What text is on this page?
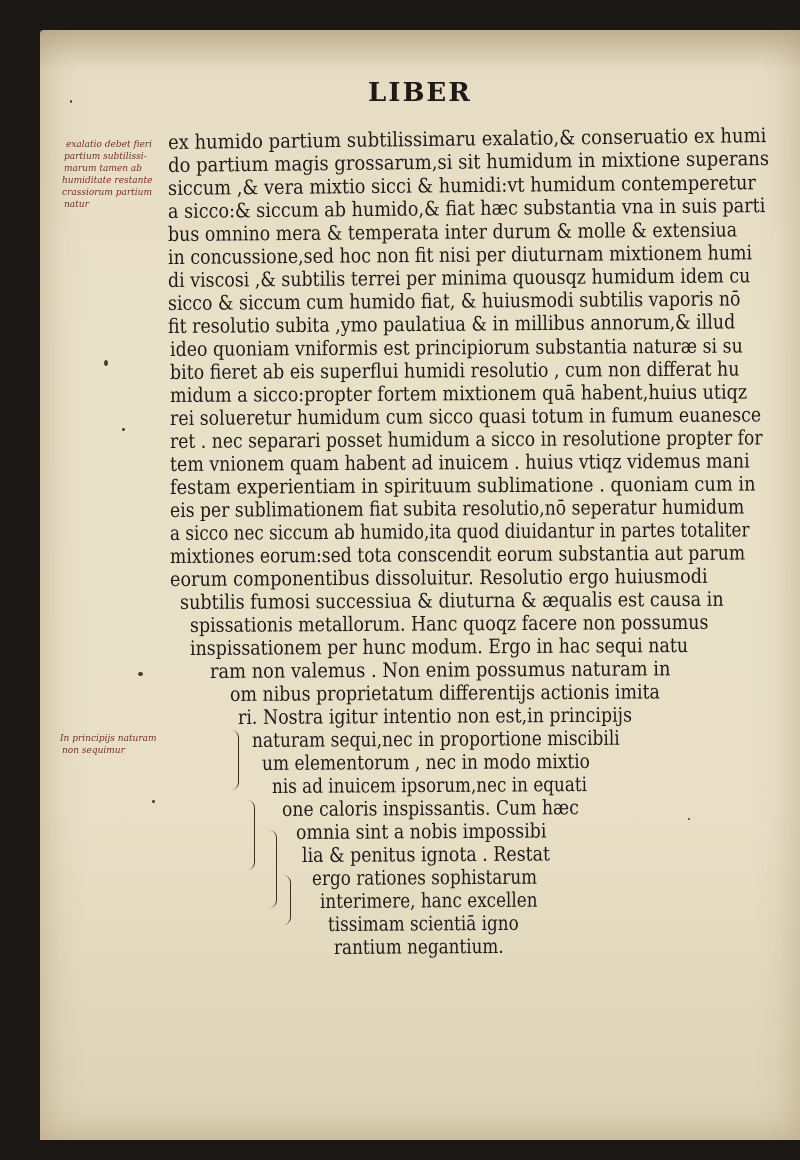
LIBER
ex humido partium subtilissimaru exalatio,& conseruatio ex humi
do partium magis grossarum,si sit humidum in mixtione superans
siccum ,& vera mixtio sicci & humidi:vt humidum contemperetur
a sicco:& siccum ab humido,& fiat hæc substantia vna in suis parti
bus omnino mera & temperata inter durum & molle & extensiua
in concussione,sed hoc non fit nisi per diuturnam mixtionem humi
di viscosi ,& subtilis terrei per minima quousqz humidum idem cu
sicco & siccum cum humido fiat, & huiusmodi subtilis vaporis nō
fit resolutio subita ,ymo paulatiua & in millibus annorum,& illud
ideo quoniam vniformis est principiorum substantia naturæ si su
bito fieret ab eis superflui humidi resolutio , cum non differat hu
midum a sicco:propter fortem mixtionem quā habent,huius utiqz
rei solueretur humidum cum sicco quasi totum in fumum euanesce
ret . nec separari posset humidum a sicco in resolutione propter for
tem vnionem quam habent ad inuicem . huius vtiqz videmus mani
festam experientiam in spirituum sublimatione . quoniam cum in
eis per sublimationem fiat subita resolutio,nō seperatur humidum
a sicco nec siccum ab humido,ita quod diuidantur in partes totaliter
mixtiones eorum:sed tota conscendit eorum substantia aut parum
eorum componentibus dissoluitur. Resolutio ergo huiusmodi
subtilis fumosi successiua & diuturna & æqualis est causa in
spissationis metallorum. Hanc quoqz facere non possumus
inspissationem per hunc modum. Ergo in hac sequi natu
ram non valemus . Non enim possumus naturam in
om nibus proprietatum differentijs actionis imita
ri. Nostra igitur intentio non est,in principijs
naturam sequi,nec in proportione miscibili
um elementorum , nec in modo mixtio
nis ad inuicem ipsorum,nec in equati
one caloris inspissantis. Cum hæc
omnia sint a nobis impossibi
lia & penitus ignota . Restat
ergo rationes sophistarum
interimere, hanc excellen
tissimam scientiā igno
rantium negantium.
exalatio debet fieri
partium subtilissi-
marum tamen ab
humiditate restante
crassiorum partium
natur
In principijs naturam
non sequimur
